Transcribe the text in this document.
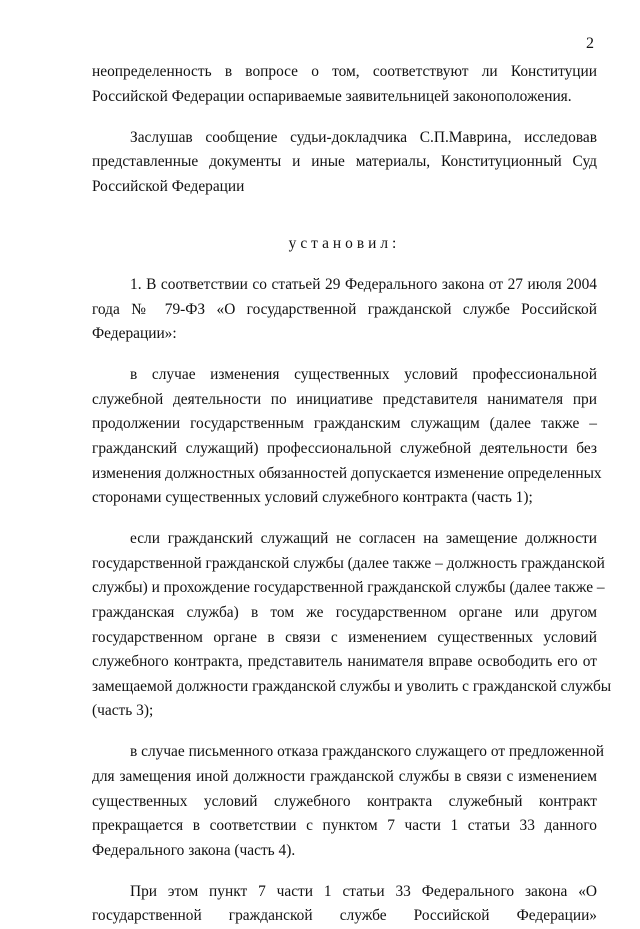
2
неопределенность в вопросе о том, соответствуют ли Конституции
Российской Федерации оспариваемые заявительницей законоположения.
Заслушав сообщение судьи-докладчика С.П.Маврина, исследовав
представленные документы и иные материалы, Конституционный Суд
Российской Федерации
установил:
1. В соответствии со статьей 29 Федерального закона от 27 июля 2004
года № 79-ФЗ «О государственной гражданской службе Российской
Федерации»:
в случае изменения существенных условий профессиональной
служебной деятельности по инициативе представителя нанимателя при
продолжении государственным гражданским служащим (далее также –
гражданский служащий) профессиональной служебной деятельности без
изменения должностных обязанностей допускается изменение определенных
сторонами существенных условий служебного контракта (часть 1);
если гражданский служащий не согласен на замещение должности
государственной гражданской службы (далее также – должность гражданской
службы) и прохождение государственной гражданской службы (далее также –
гражданская служба) в том же государственном органе или другом
государственном органе в связи с изменением существенных условий
служебного контракта, представитель нанимателя вправе освободить его от
замещаемой должности гражданской службы и уволить с гражданской службы
(часть 3);
в случае письменного отказа гражданского служащего от предложенной
для замещения иной должности гражданской службы в связи с изменением
существенных условий служебного контракта служебный контракт
прекращается в соответствии с пунктом 7 части 1 статьи 33 данного
Федерального закона (часть 4).
При этом пункт 7 части 1 статьи 33 Федерального закона «О
государственной гражданской службе Российской Федерации»
